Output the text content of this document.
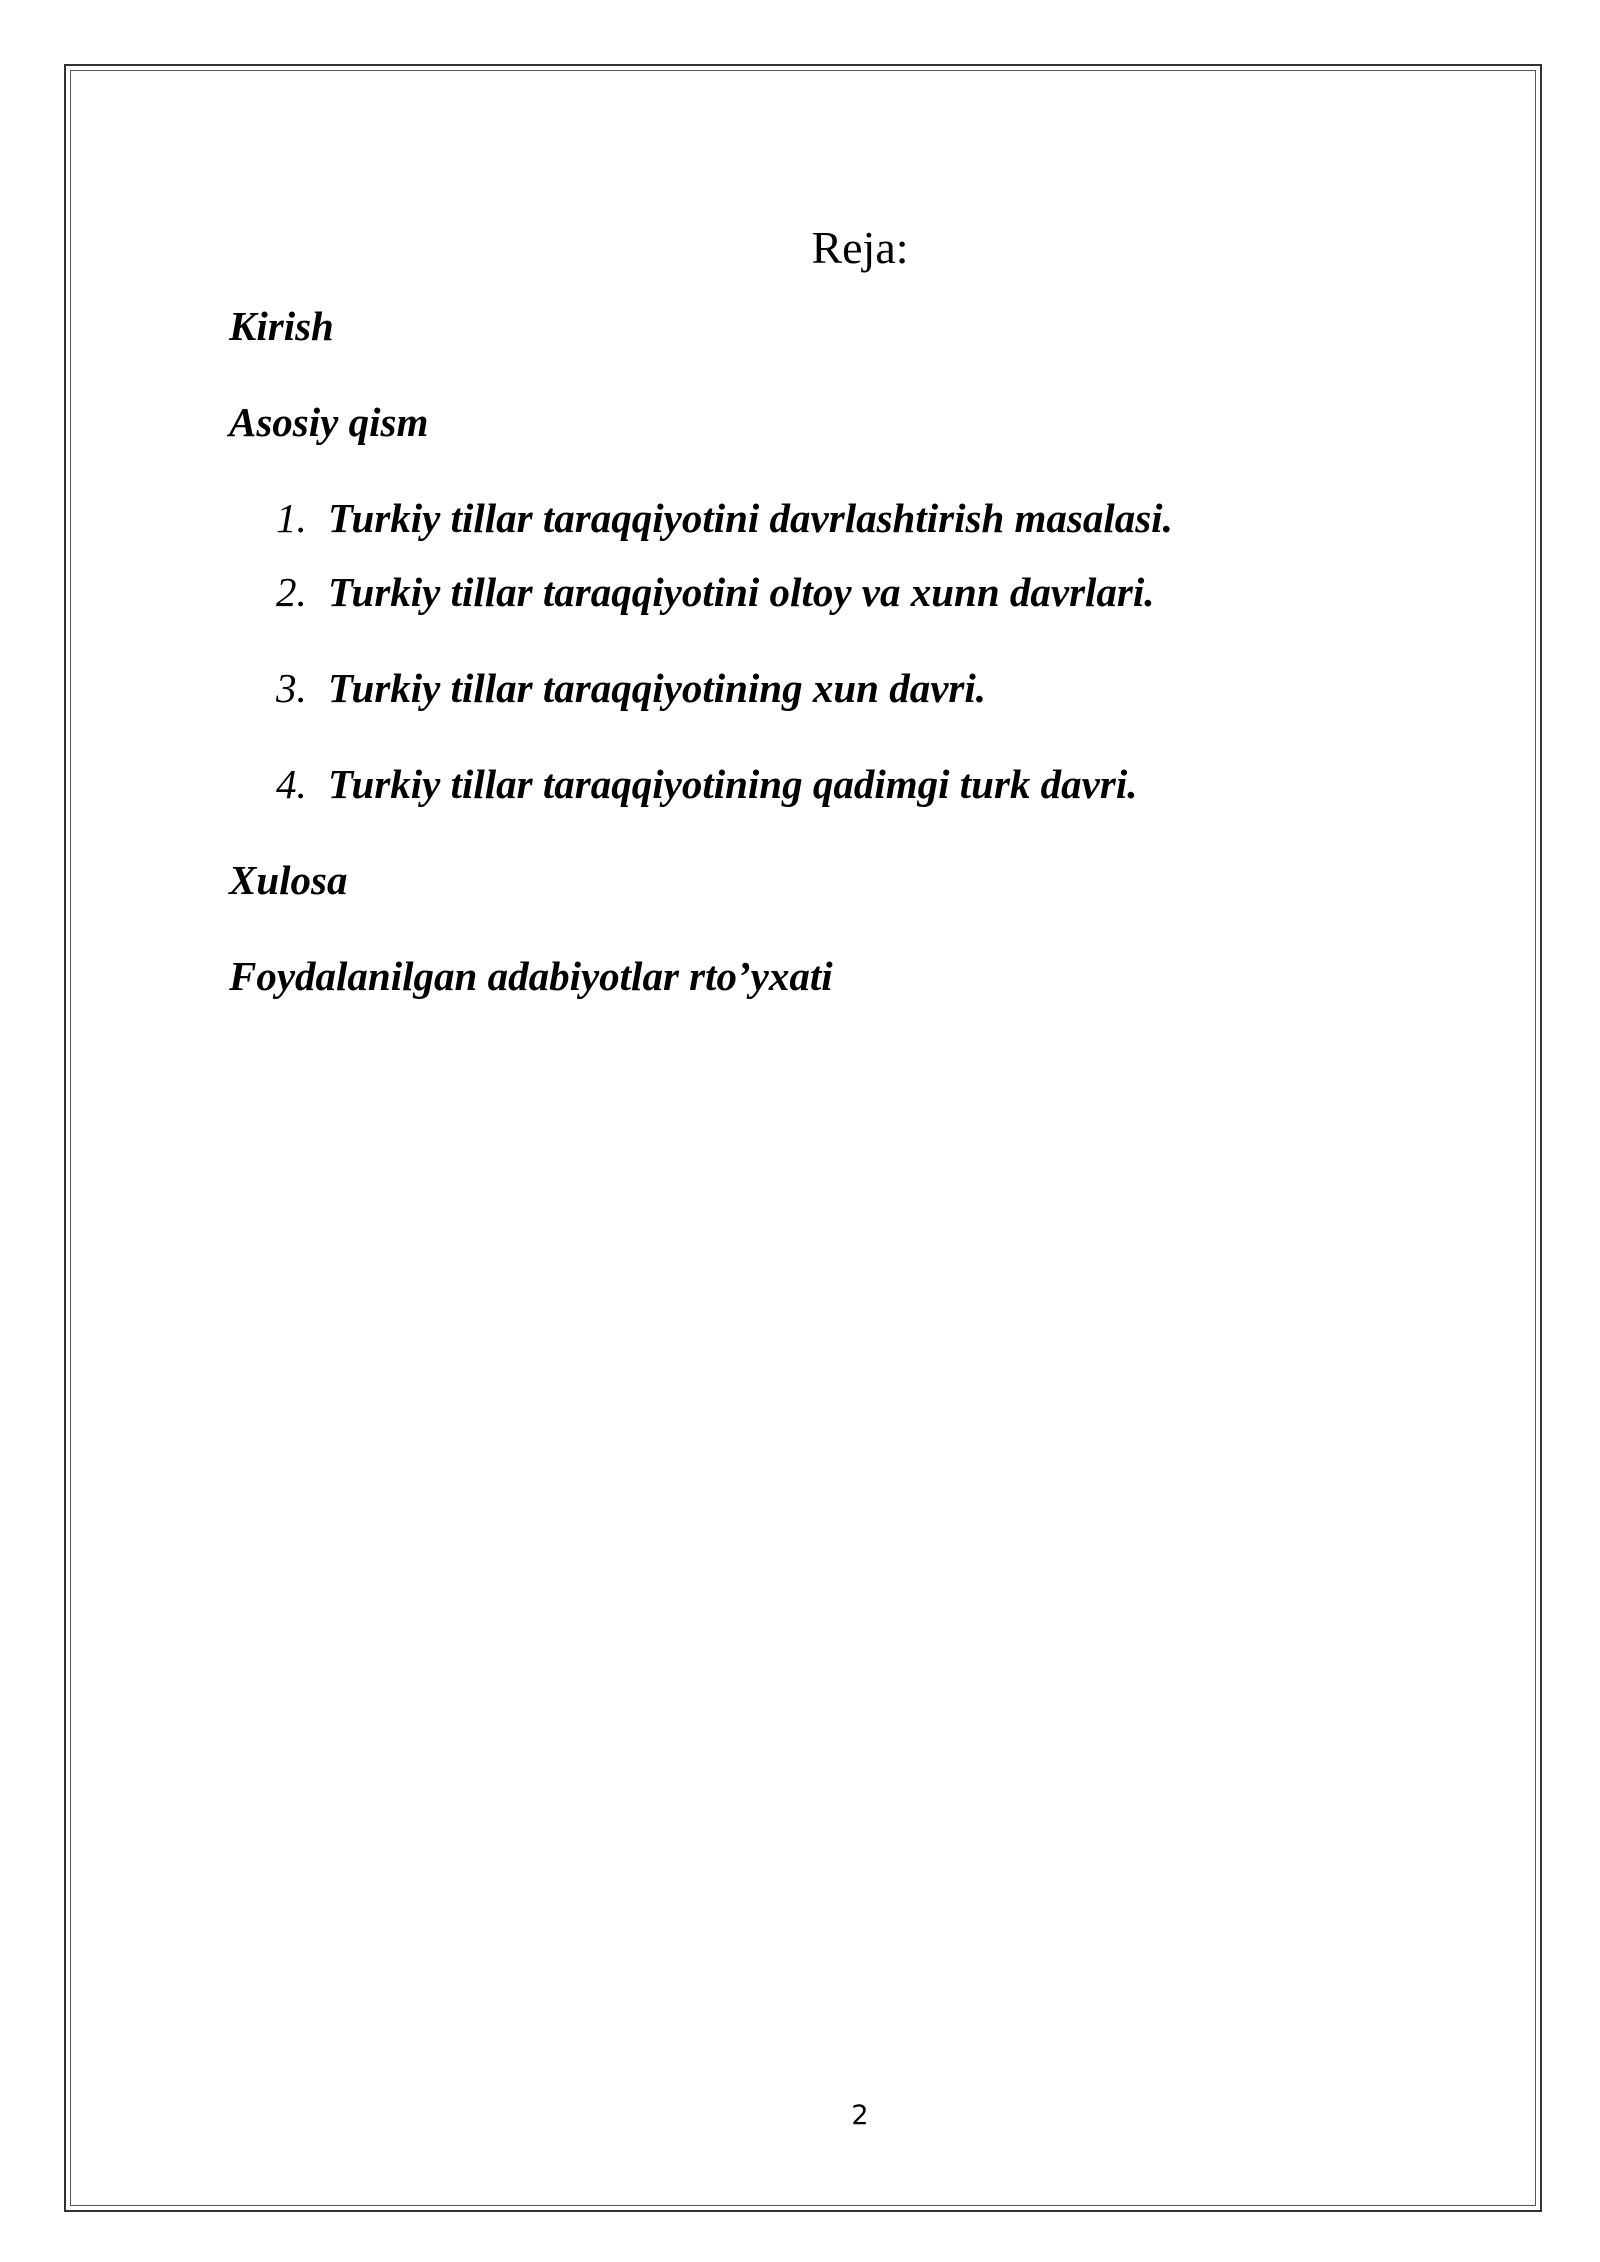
Reja:
Kirish
Asosiy qism
1. Turkiy tillar taraqqiyotini davrlashtirish masalasi.
2. Turkiy tillar taraqqiyotini oltoy va xunn davrlari.
3. Turkiy tillar taraqqiyotining xun davri.
4. Turkiy tillar taraqqiyotining qadimgi turk davri.
Xulosa
Foydalanilgan adabiyotlar rto’yxati
2
